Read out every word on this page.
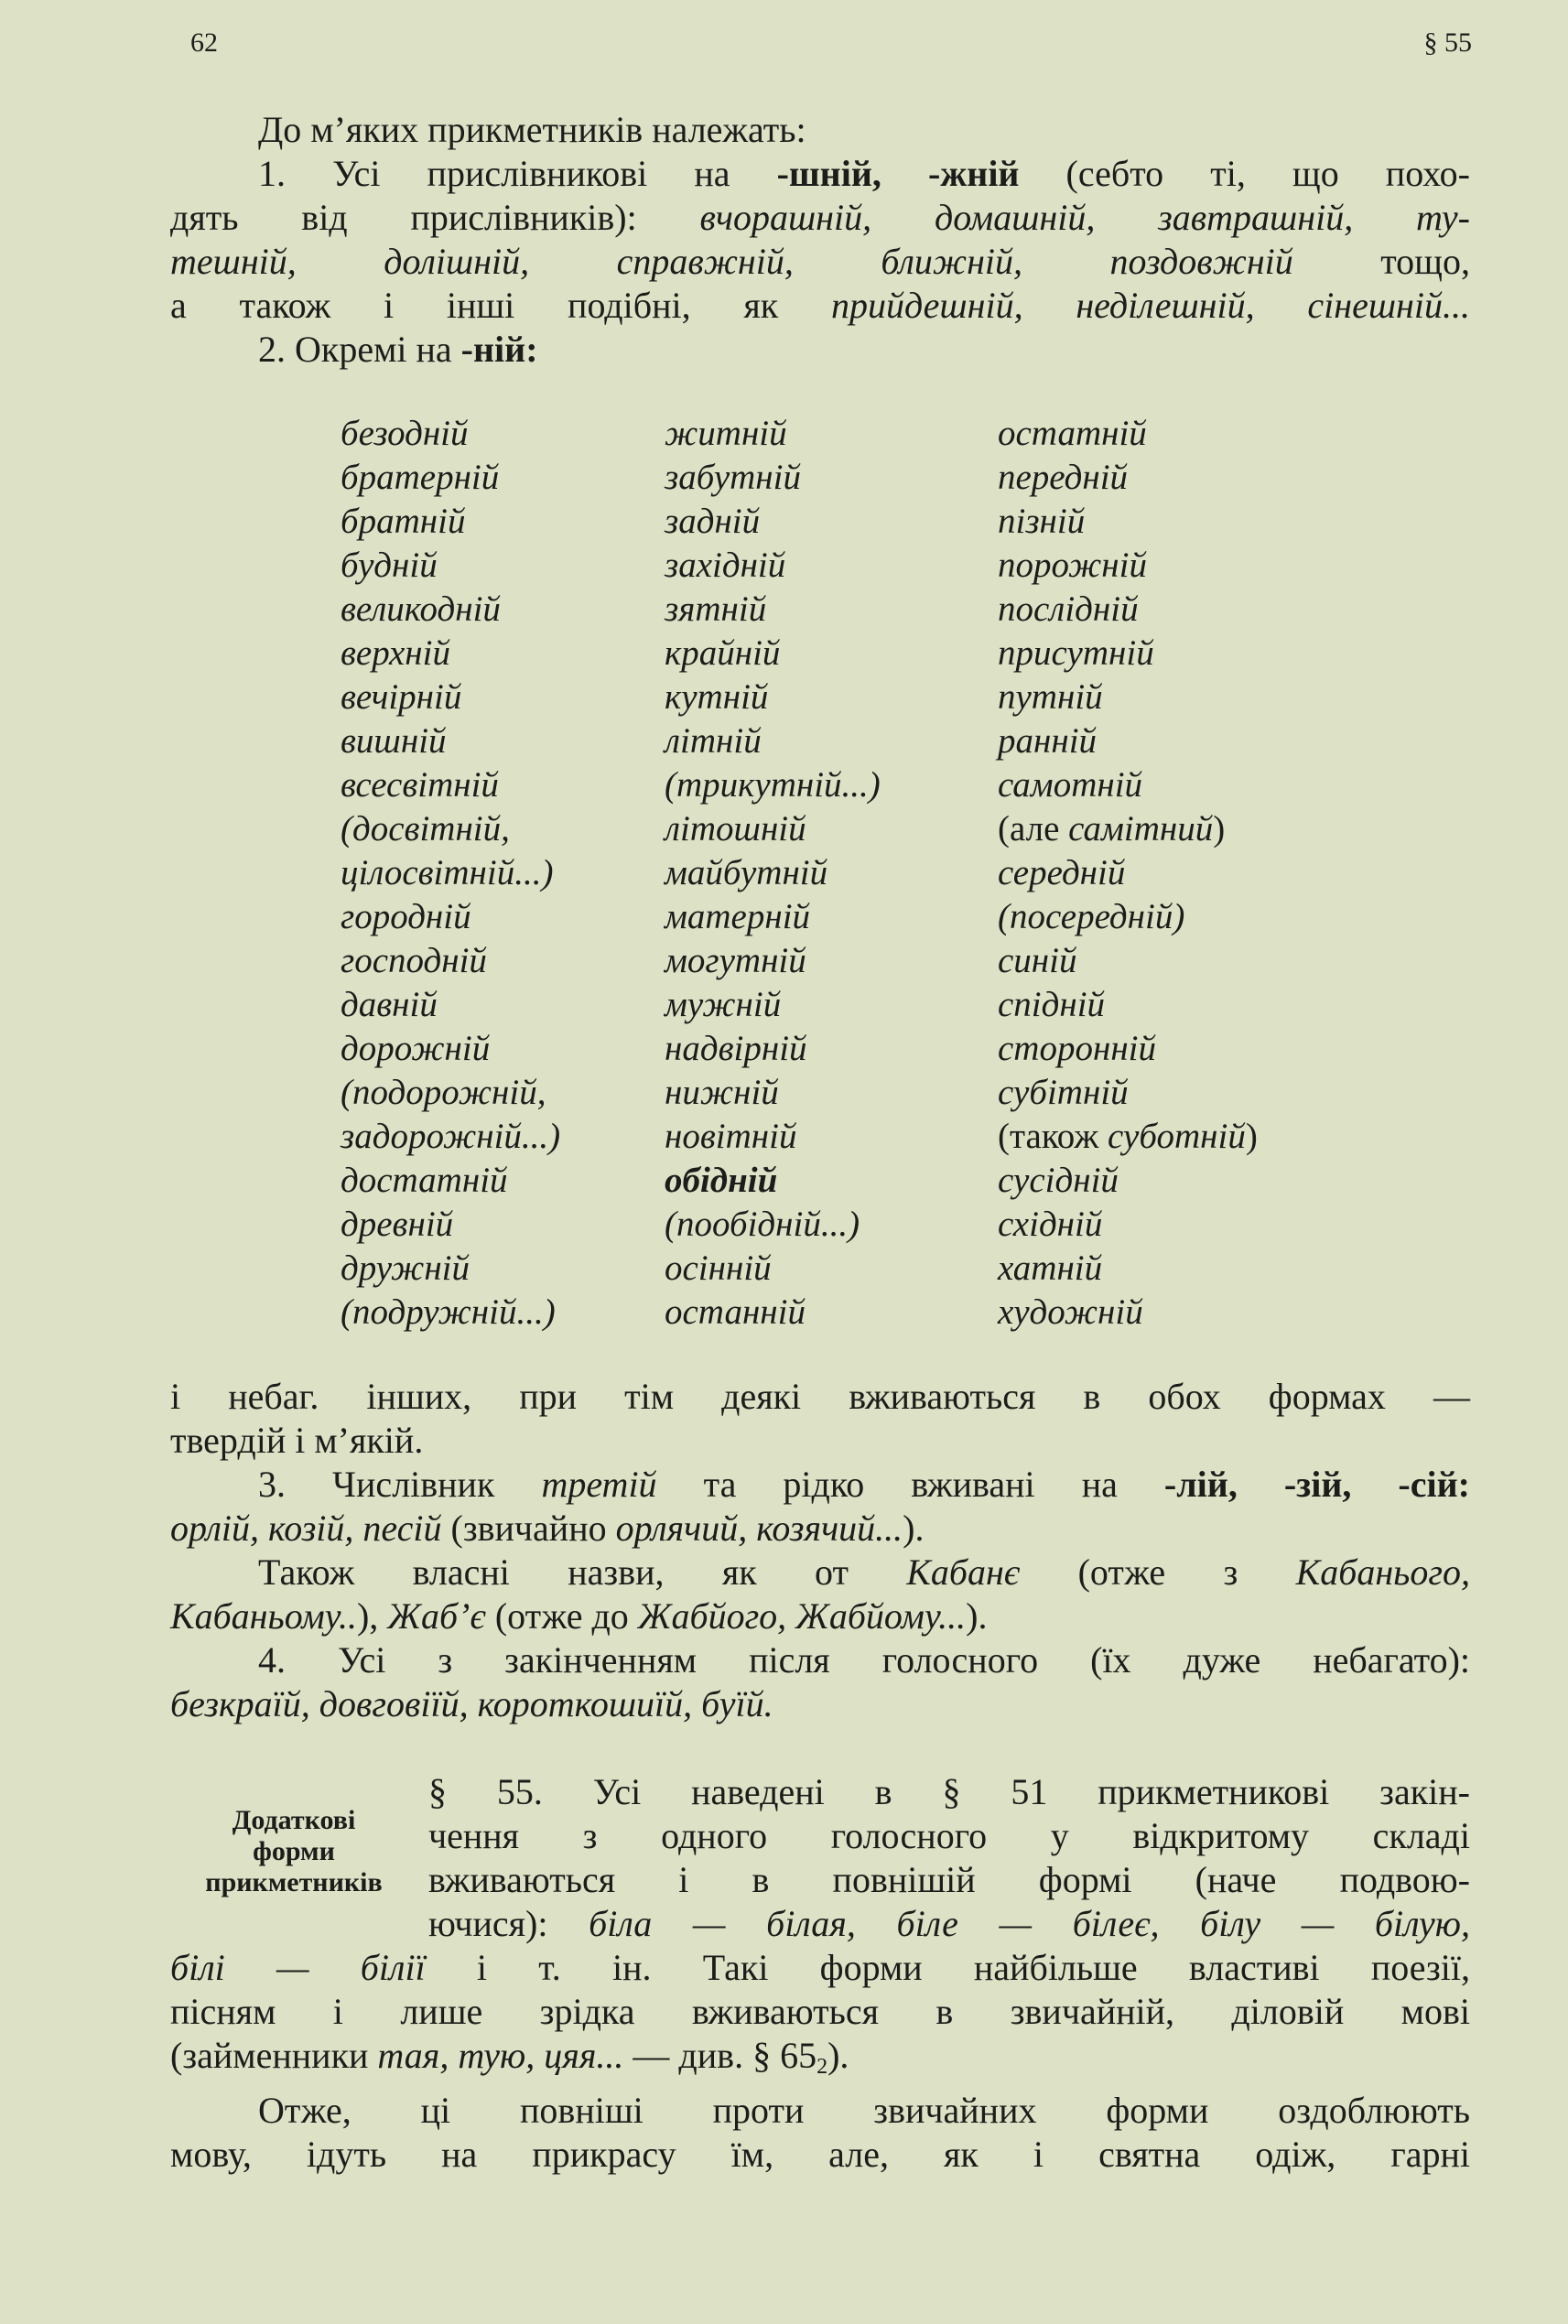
62	§ 55
До м’яких прикметників належать:
1. Усі прислівникові на -шній, -жній (себто ті, що похо-
дять від прислівників): вчорашній, домашній, завтрашній, ту-
тешній, долішній, справжній, ближній, поздовжній тощо,
а також і інші подібні, як прийдешній, неділешній, сінешній...
2. Окремі на -ній:
безодній
братерній
братній
будній
великодній
верхній
вечірній
вишній
всесвітній
(досвітній,
цілосвітній...)
городній
господній
давній
дорожній
(подорожній,
задорожній...)
достатній
древній
дружній
(подружній...)
житній
забутній
задній
західній
зятній
крайній
кутній
літній
(трикутній...)
літошній
майбутній
матерній
могутній
мужній
надвірній
нижній
новітній
обідній
(пообідній...)
осінній
останній
остатній
передній
пізній
порожній
послідній
присутній
путній
ранній
самотній
(але самітний)
середній
(посередній)
синій
спідній
сторонній
субітній
(також суботній)
сусідній
східній
хатній
художній
і небаг. інших, при тім деякі вживаються в обох формах —
твердій і м’якій.
3. Числівник третій та рідко вживані на -лій, -зій, -сій:
орлій, козій, песій (звичайно орлячий, козячий...).
Також власні назви, як от Кабанє (отже з Кабанього,
Кабаньому..), Жаб’є (отже до Жабйого, Жабйому...).
4. Усі з закінченням після голосного (їх дуже небагато):
безкраїй, довговіїй, короткошиїй, буїй.
Додаткові форми прикметників
§ 55. Усі наведені в § 51 прикметникові закін-
чення з одного голосного у відкритому складі
вживаються і в повнішій формі (наче подвою-
ючися): біла — білая, біле — білеє, білу — білую,
білі — білії і т. ін. Такі форми найбільше властиві поезії,
пісням і лише зрідка вживаються в звичайній, діловій мові
(займенники тая, тую, цяя... — див. § $65_2$).
Отже, ці повніші проти звичайних форми оздоблюють
мову, ідуть на прикрасу їм, але, як і святна одіж, гарні
